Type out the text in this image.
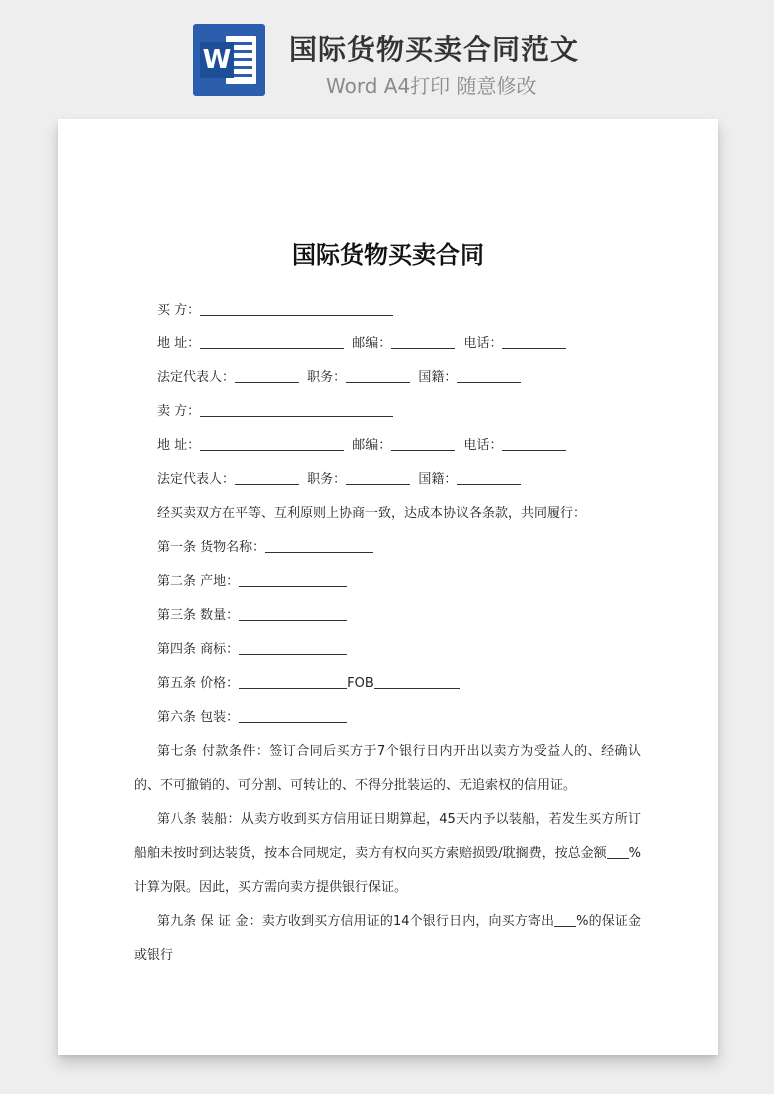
W 国际货物买卖合同范文
Word A4打印 随意修改
国际货物买卖合同
买 方：
地 址：	邮编：	电话：
法定代表人：	职务：	国籍：
卖 方：
地 址：	邮编：	电话：
法定代表人：	职务：	国籍：
经买卖双方在平等、互利原则上协商一致，达成本协议各条款，共同履行：
第一条 货物名称：
第二条 产地：
第三条 数量：
第四条 商标：
第五条 价格：	FOB
第六条 包装：
第七条 付款条件：签订合同后买方于7个银行日内开出以卖方为受益人的、经确认的、不可撤销的、可分割、可转让的、不得分批装运的、无追索权的信用证。
第八条 装船：从卖方收到买方信用证日期算起，45天内予以装船，若发生买方所订船舶未按时到达装货，按本合同规定，卖方有权向买方索赔损毁/耽搁费，按总金额 %计算为限。因此，买方需向卖方提供银行保证。
第九条 保 证 金：卖方收到买方信用证的14个银行日内，向买方寄出 %的保证金或银行
